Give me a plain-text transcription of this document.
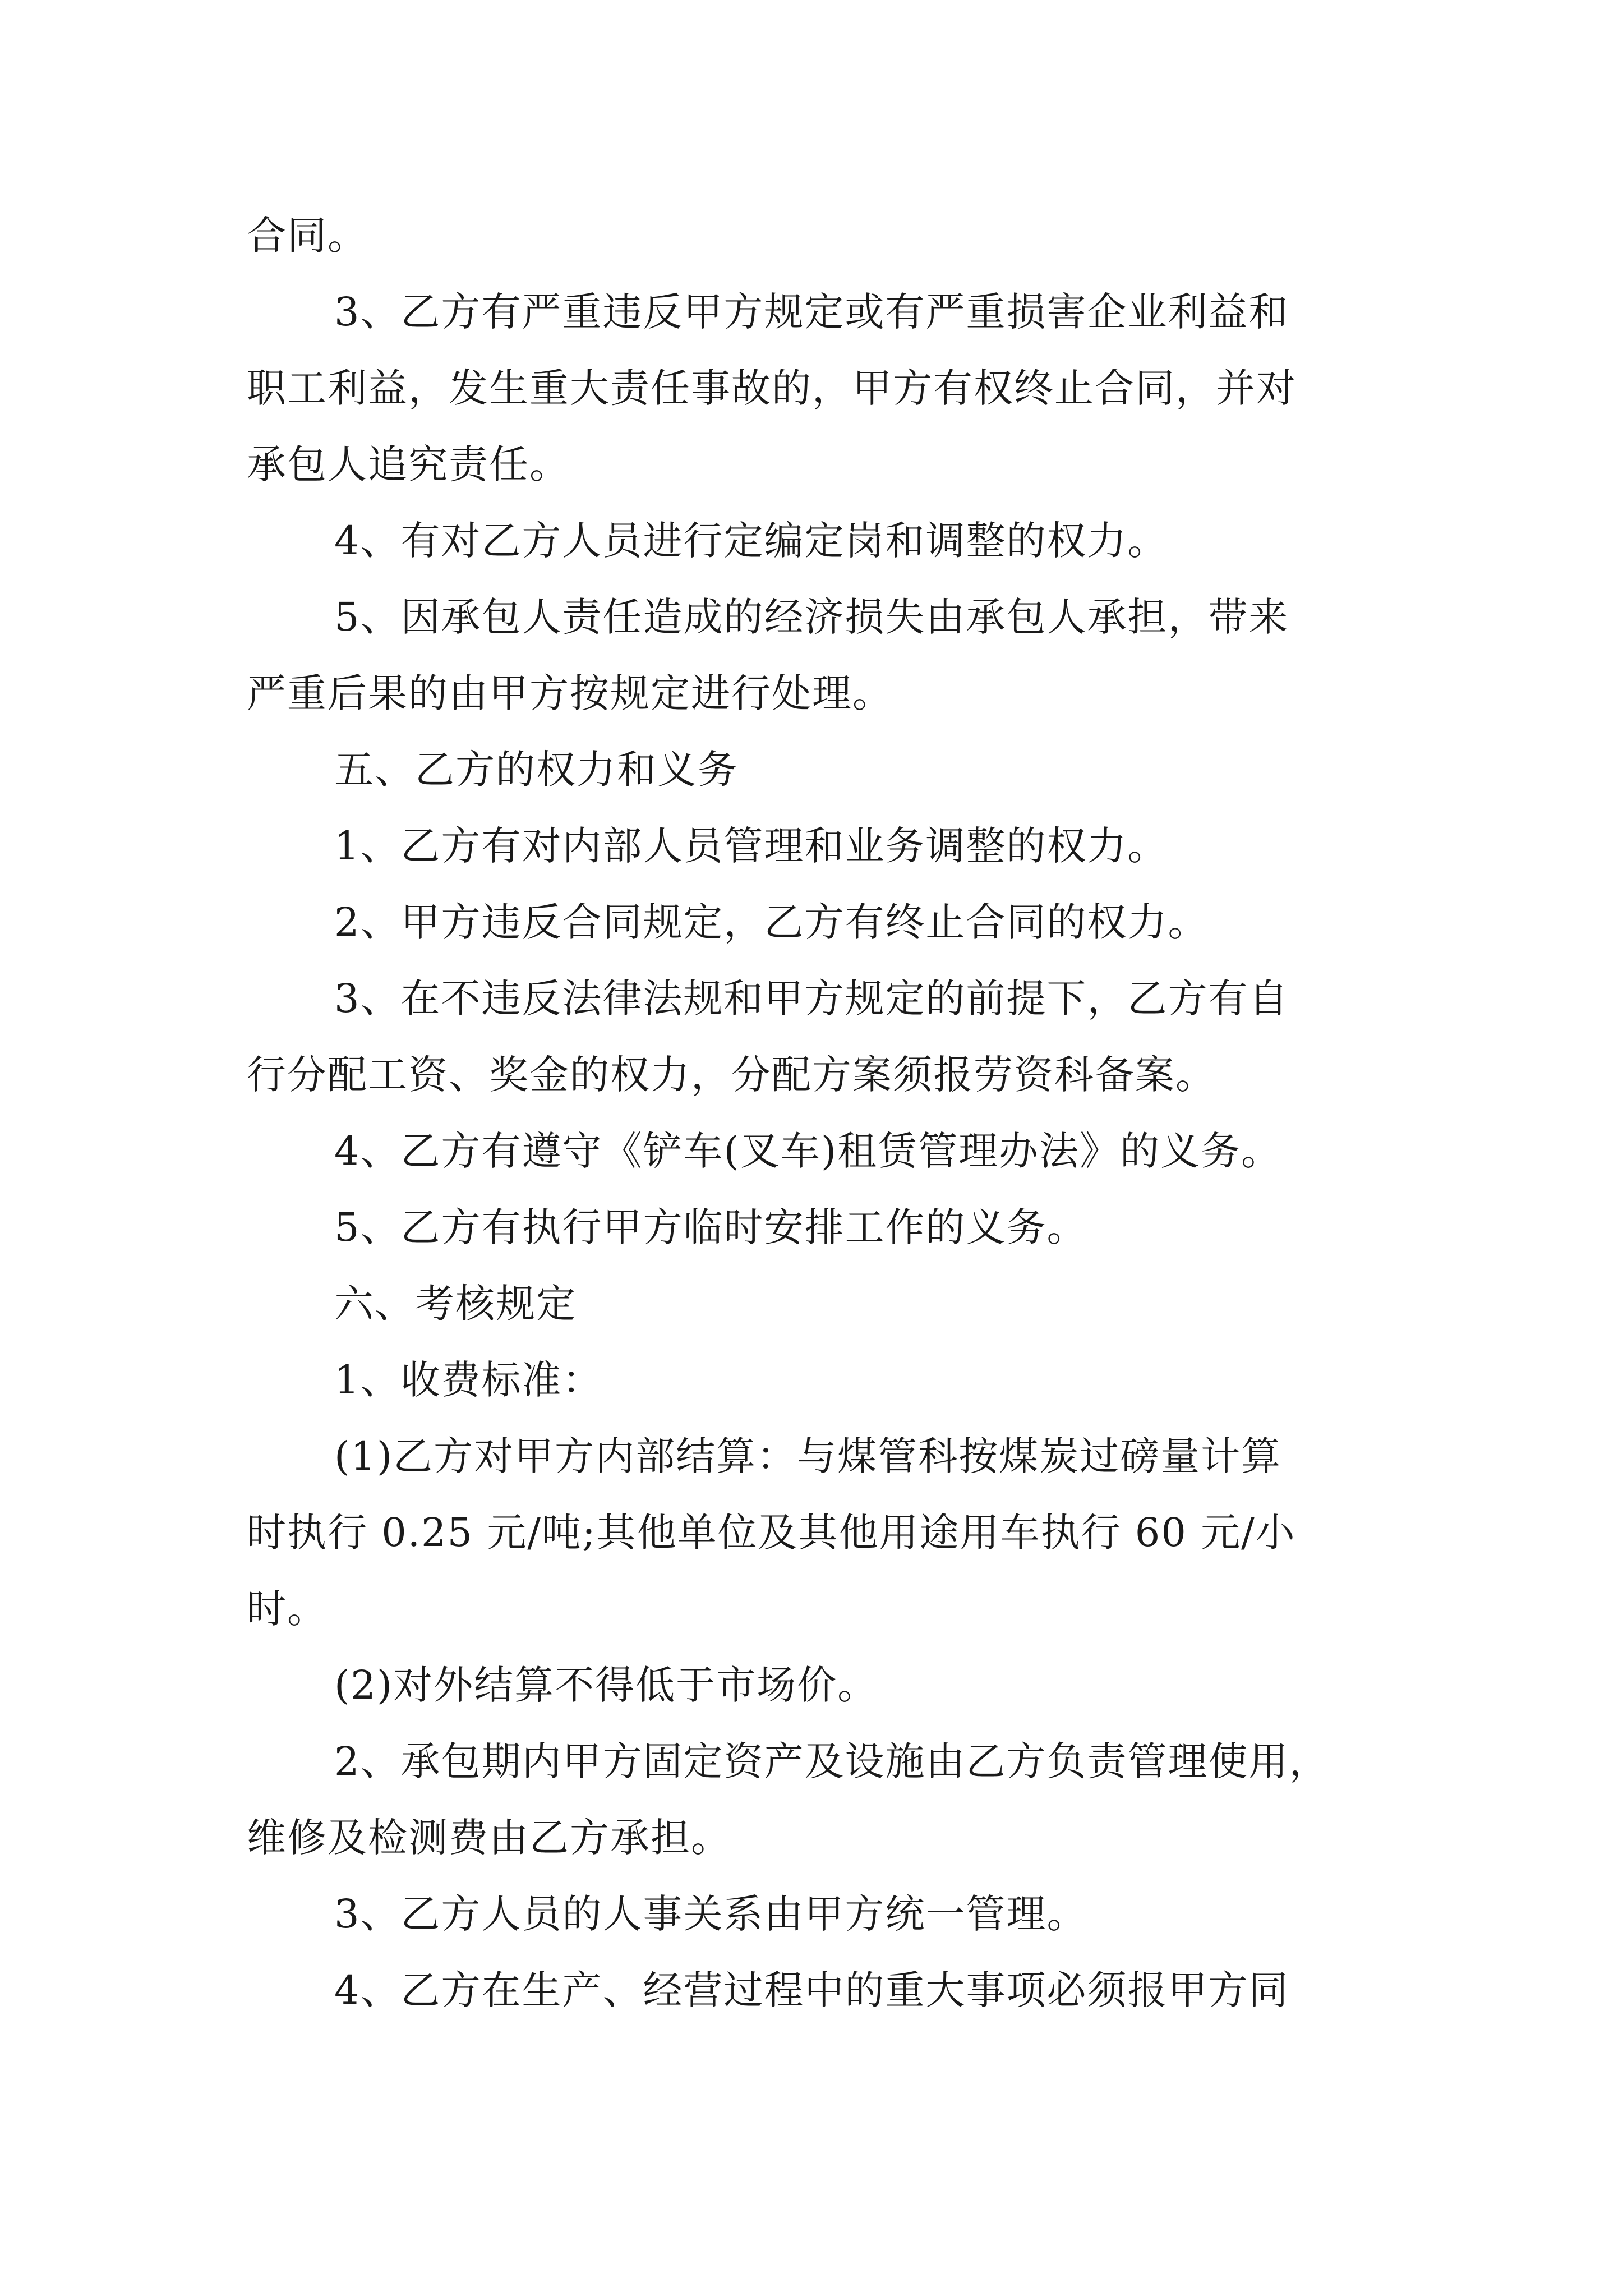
合同。

3、乙方有严重违反甲方规定或有严重损害企业利益和

职工利益，发生重大责任事故的，甲方有权终止合同，并对

承包人追究责任。

4、有对乙方人员进行定编定岗和调整的权力。

5、因承包人责任造成的经济损失由承包人承担，带来

严重后果的由甲方按规定进行处理。

五、乙方的权力和义务

1、乙方有对内部人员管理和业务调整的权力。

2、甲方违反合同规定，乙方有终止合同的权力。

3、在不违反法律法规和甲方规定的前提下，乙方有自

行分配工资、奖金的权力，分配方案须报劳资科备案。

4、乙方有遵守《铲车(叉车)租赁管理办法》的义务。

5、乙方有执行甲方临时安排工作的义务。

六、考核规定

1、收费标准：

(1)乙方对甲方内部结算：与煤管科按煤炭过磅量计算

时执行 0.25 元/吨;其他单位及其他用途用车执行 60 元/小

时。

(2)对外结算不得低于市场价。

2、承包期内甲方固定资产及设施由乙方负责管理使用，

维修及检测费由乙方承担。

3、乙方人员的人事关系由甲方统一管理。

4、乙方在生产、经营过程中的重大事项必须报甲方同
